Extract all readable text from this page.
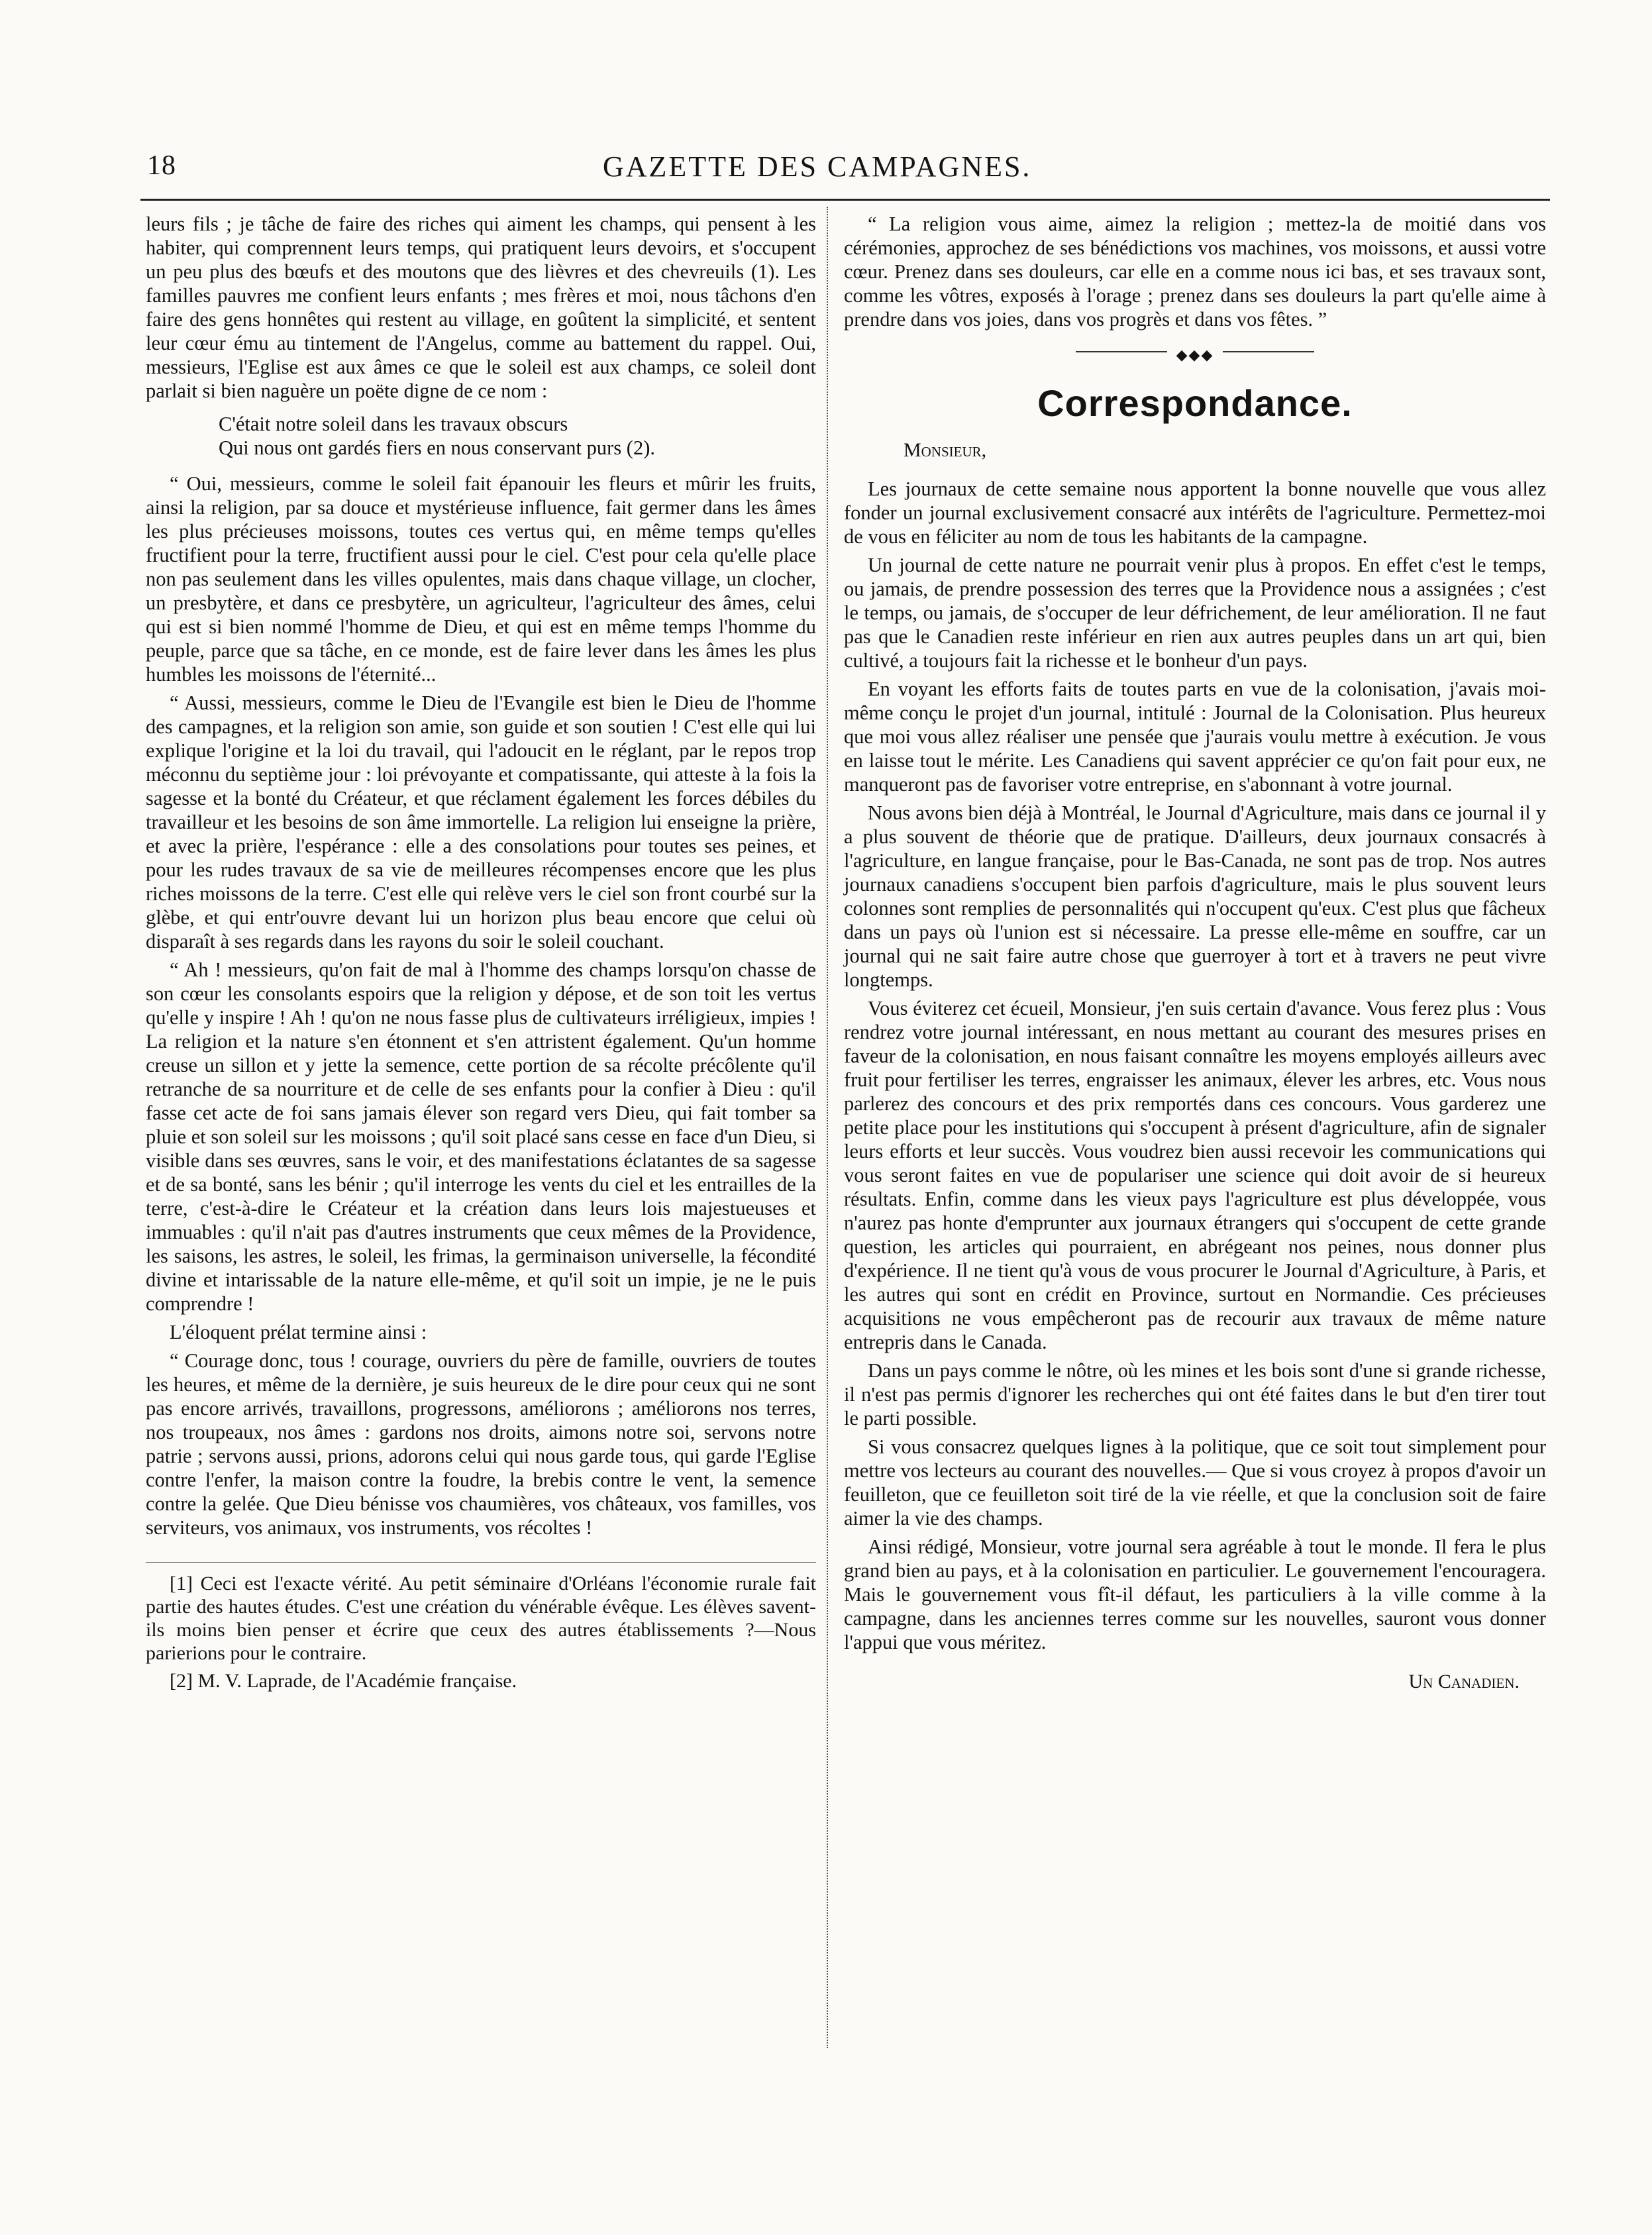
18	GAZETTE DES CAMPAGNES.

leurs fils ; je tâche de faire des riches qui aiment les champs, qui pensent à les habiter, qui comprennent leurs temps, qui pratiquent leurs devoirs, et s'occupent un peu plus des bœufs et des moutons que des lièvres et des chevreuils (1). Les familles pauvres me confient leurs enfants ; mes frères et moi, nous tâchons d'en faire des gens honnêtes qui restent au village, en goûtent la simplicité, et sentent leur cœur ému au tintement de l'Angelus, comme au battement du rappel. Oui, messieurs, l'Eglise est aux âmes ce que le soleil est aux champs, ce soleil dont parlait si bien naguère un poëte digne de ce nom :

C'était notre soleil dans les travaux obscurs
Qui nous ont gardés fiers en nous conservant purs (2).

“ Oui, messieurs, comme le soleil fait épanouir les fleurs et mûrir les fruits, ainsi la religion, par sa douce et mystérieuse influence, fait germer dans les âmes les plus précieuses moissons, toutes ces vertus qui, en même temps qu'elles fructifient pour la terre, fructifient aussi pour le ciel. C'est pour cela qu'elle place non pas seulement dans les villes opulentes, mais dans chaque village, un clocher, un presbytère, et dans ce presbytère, un agriculteur, l'agriculteur des âmes, celui qui est si bien nommé l'homme de Dieu, et qui est en même temps l'homme du peuple, parce que sa tâche, en ce monde, est de faire lever dans les âmes les plus humbles les moissons de l'éternité...

“ Aussi, messieurs, comme le Dieu de l'Evangile est bien le Dieu de l'homme des campagnes, et la religion son amie, son guide et son soutien ! C'est elle qui lui explique l'origine et la loi du travail, qui l'adoucit en le réglant, par le repos trop méconnu du septième jour : loi prévoyante et compatissante, qui atteste à la fois la sagesse et la bonté du Créateur, et que réclament également les forces débiles du travailleur et les besoins de son âme immortelle. La religion lui enseigne la prière, et avec la prière, l'espérance : elle a des consolations pour toutes ses peines, et pour les rudes travaux de sa vie de meilleures récompenses encore que les plus riches moissons de la terre. C'est elle qui relève vers le ciel son front courbé sur la glèbe, et qui entr'ouvre devant lui un horizon plus beau encore que celui où disparaît à ses regards dans les rayons du soir le soleil couchant.

“ Ah ! messieurs, qu'on fait de mal à l'homme des champs lorsqu'on chasse de son cœur les consolants espoirs que la religion y dépose, et de son toit les vertus qu'elle y inspire ! Ah ! qu'on ne nous fasse plus de cultivateurs irréligieux, impies ! La religion et la nature s'en étonnent et s'en attristent également. Qu'un homme creuse un sillon et y jette la semence, cette portion de sa récolte précôlente qu'il retranche de sa nourriture et de celle de ses enfants pour la confier à Dieu : qu'il fasse cet acte de foi sans jamais élever son regard vers Dieu, qui fait tomber sa pluie et son soleil sur les moissons ; qu'il soit placé sans cesse en face d'un Dieu, si visible dans ses œuvres, sans le voir, et des manifestations éclatantes de sa sagesse et de sa bonté, sans les bénir ; qu'il interroge les vents du ciel et les entrailles de la terre, c'est-à-dire le Créateur et la création dans leurs lois majestueuses et immuables : qu'il n'ait pas d'autres instruments que ceux mêmes de la Providence, les saisons, les astres, le soleil, les frimas, la germinaison universelle, la fécondité divine et intarissable de la nature elle-même, et qu'il soit un impie, je ne le puis comprendre !

L'éloquent prélat termine ainsi :

“ Courage donc, tous ! courage, ouvriers du père de famille, ouvriers de toutes les heures, et même de la dernière, je suis heureux de le dire pour ceux qui ne sont pas encore arrivés, travaillons, progressons, améliorons ; améliorons nos terres, nos troupeaux, nos âmes : gardons nos droits, aimons notre soi, servons notre patrie ; servons aussi, prions, adorons celui qui nous garde tous, qui garde l'Eglise contre l'enfer, la maison contre la foudre, la brebis contre le vent, la semence contre la gelée. Que Dieu bénisse vos chaumières, vos châteaux, vos familles, vos serviteurs, vos animaux, vos instruments, vos récoltes !

[1] Ceci est l'exacte vérité. Au petit séminaire d'Orléans l'économie rurale fait partie des hautes études. C'est une création du vénérable évêque. Les élèves savent-ils moins bien penser et écrire que ceux des autres établissements ?—Nous parierions pour le contraire.

[2] M. V. Laprade, de l'Académie française.

“ La religion vous aime, aimez la religion ; mettez-la de moitié dans vos cérémonies, approchez de ses bénédictions vos machines, vos moissons, et aussi votre cœur. Prenez dans ses douleurs, car elle en a comme nous ici bas, et ses travaux sont, comme les vôtres, exposés à l'orage ; prenez dans ses douleurs la part qu'elle aime à prendre dans vos joies, dans vos progrès et dans vos fêtes. ”

◆◆◆
Correspondance.

Monsieur,

Les journaux de cette semaine nous apportent la bonne nouvelle que vous allez fonder un journal exclusivement consacré aux intérêts de l'agriculture. Permettez-moi de vous en féliciter au nom de tous les habitants de la campagne.

Un journal de cette nature ne pourrait venir plus à propos. En effet c'est le temps, ou jamais, de prendre possession des terres que la Providence nous a assignées ; c'est le temps, ou jamais, de s'occuper de leur défrichement, de leur amélioration. Il ne faut pas que le Canadien reste inférieur en rien aux autres peuples dans un art qui, bien cultivé, a toujours fait la richesse et le bonheur d'un pays.

En voyant les efforts faits de toutes parts en vue de la colonisation, j'avais moi-même conçu le projet d'un journal, intitulé : Journal de la Colonisation. Plus heureux que moi vous allez réaliser une pensée que j'aurais voulu mettre à exécution. Je vous en laisse tout le mérite. Les Canadiens qui savent apprécier ce qu'on fait pour eux, ne manqueront pas de favoriser votre entreprise, en s'abonnant à votre journal.

Nous avons bien déjà à Montréal, le Journal d'Agriculture, mais dans ce journal il y a plus souvent de théorie que de pratique. D'ailleurs, deux journaux consacrés à l'agriculture, en langue française, pour le Bas-Canada, ne sont pas de trop. Nos autres journaux canadiens s'occupent bien parfois d'agriculture, mais le plus souvent leurs colonnes sont remplies de personnalités qui n'occupent qu'eux. C'est plus que fâcheux dans un pays où l'union est si nécessaire. La presse elle-même en souffre, car un journal qui ne sait faire autre chose que guerroyer à tort et à travers ne peut vivre longtemps.

Vous éviterez cet écueil, Monsieur, j'en suis certain d'avance. Vous ferez plus : Vous rendrez votre journal intéressant, en nous mettant au courant des mesures prises en faveur de la colonisation, en nous faisant connaître les moyens employés ailleurs avec fruit pour fertiliser les terres, engraisser les animaux, élever les arbres, etc. Vous nous parlerez des concours et des prix remportés dans ces concours. Vous garderez une petite place pour les institutions qui s'occupent à présent d'agriculture, afin de signaler leurs efforts et leur succès. Vous voudrez bien aussi recevoir les communications qui vous seront faites en vue de populariser une science qui doit avoir de si heureux résultats. Enfin, comme dans les vieux pays l'agriculture est plus développée, vous n'aurez pas honte d'emprunter aux journaux étrangers qui s'occupent de cette grande question, les articles qui pourraient, en abrégeant nos peines, nous donner plus d'expérience. Il ne tient qu'à vous de vous procurer le Journal d'Agriculture, à Paris, et les autres qui sont en crédit en Province, surtout en Normandie. Ces précieuses acquisitions ne vous empêcheront pas de recourir aux travaux de même nature entrepris dans le Canada.

Dans un pays comme le nôtre, où les mines et les bois sont d'une si grande richesse, il n'est pas permis d'ignorer les recherches qui ont été faites dans le but d'en tirer tout le parti possible.

Si vous consacrez quelques lignes à la politique, que ce soit tout simplement pour mettre vos lecteurs au courant des nouvelles.— Que si vous croyez à propos d'avoir un feuilleton, que ce feuilleton soit tiré de la vie réelle, et que la conclusion soit de faire aimer la vie des champs.

Ainsi rédigé, Monsieur, votre journal sera agréable à tout le monde. Il fera le plus grand bien au pays, et à la colonisation en particulier. Le gouvernement l'encouragera. Mais le gouvernement vous fît-il défaut, les particuliers à la ville comme à la campagne, dans les anciennes terres comme sur les nouvelles, sauront vous donner l'appui que vous méritez.

Un Canadien.
